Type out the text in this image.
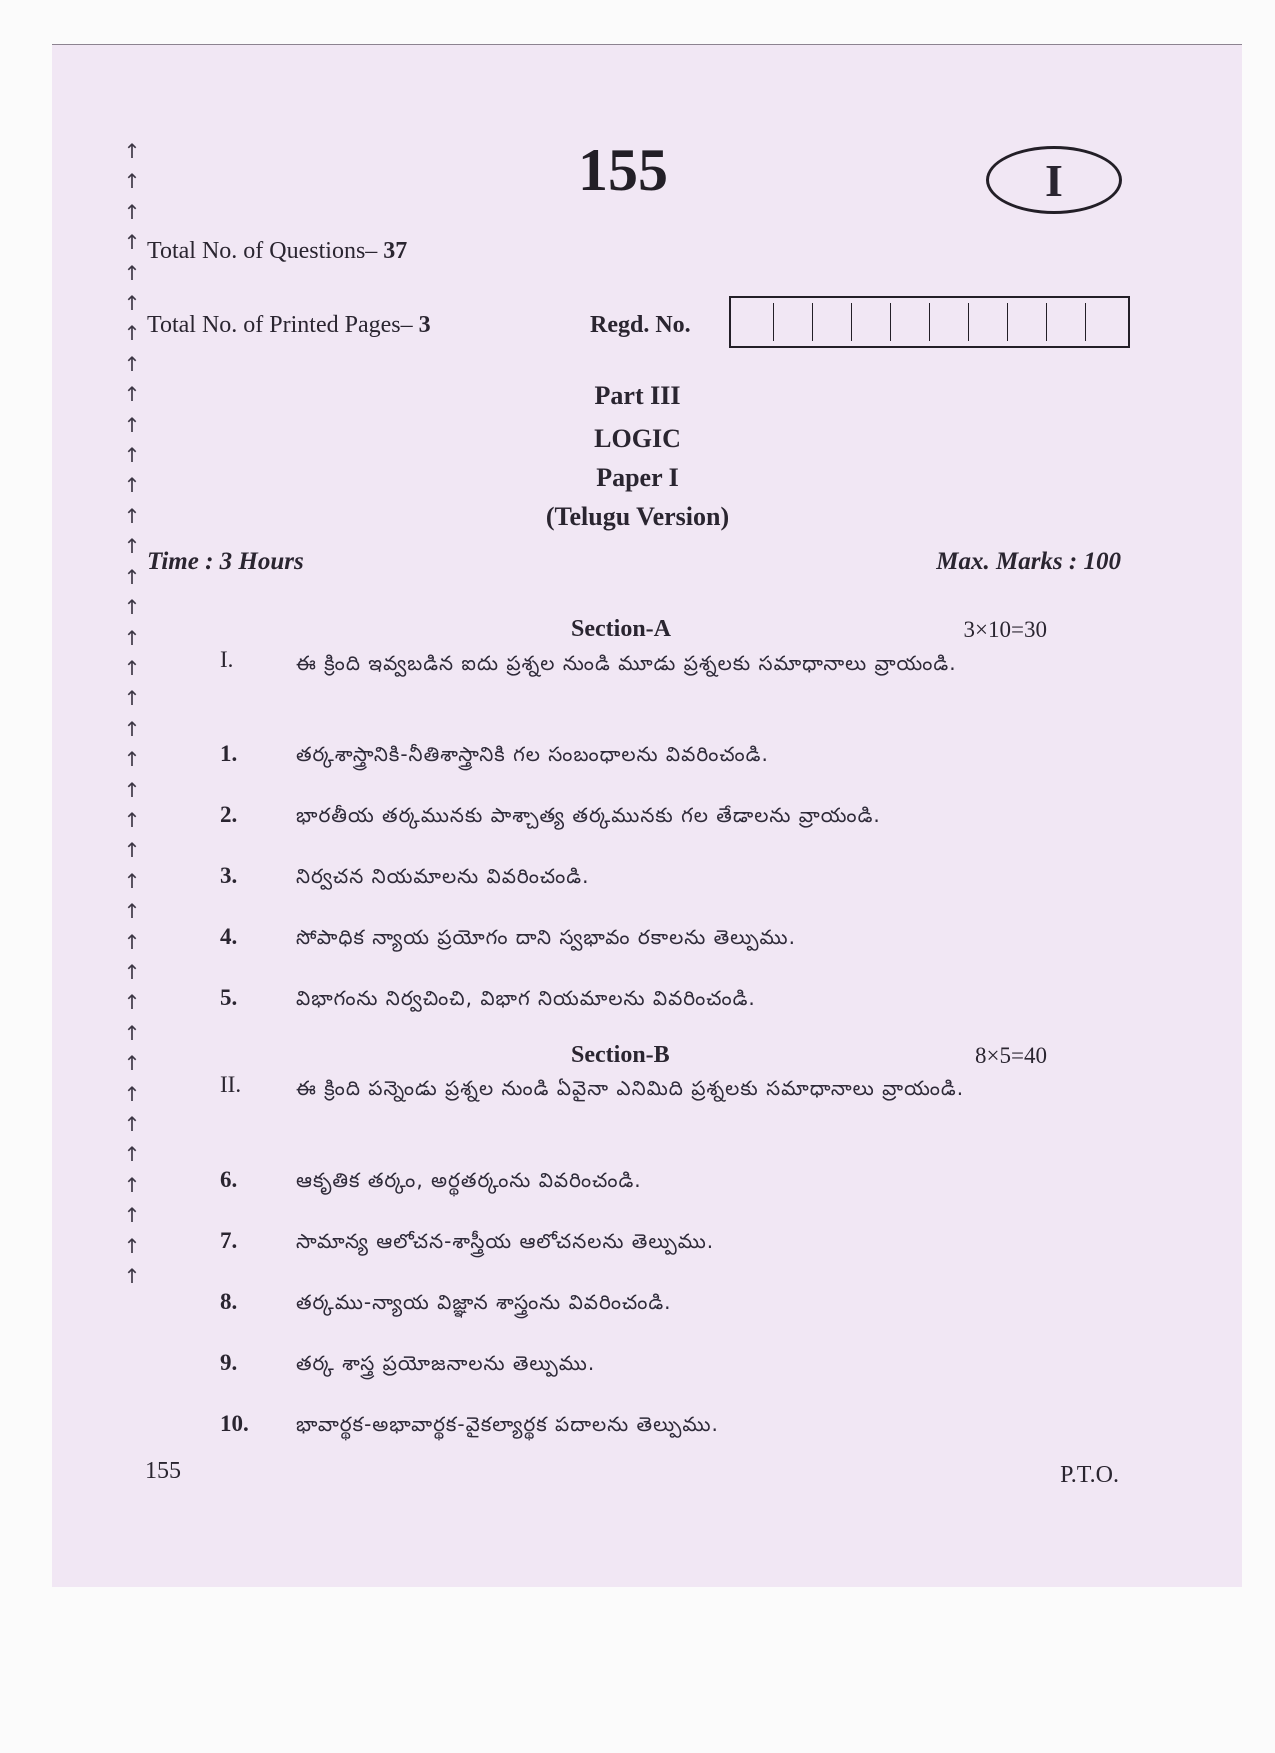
↑
↑
↑
↑
↑
↑
↑
↑
↑
↑
↑
↑
↑
↑
↑
↑
↑
↑
↑
↑
↑
↑
↑
↑
↑
↑
↑
↑
↑
↑
↑
↑
↑
↑
↑
↑
↑
↑

155	I
Total No. of Questions– 37
Total No. of Printed Pages– 3	Regd. No.
Part III
LOGIC
Paper I
(Telugu Version)
Time : 3 Hours	Max. Marks : 100
Section-A	3×10=30
I.	ఈ క్రింది ఇవ్వబడిన ఐదు ప్రశ్నల నుండి మూడు ప్రశ్నలకు సమాధానాలు వ్రాయండి.
1.	తర్కశాస్త్రానికి-నీతిశాస్త్రానికి గల సంబంధాలను వివరించండి.
2.	భారతీయ తర్కమునకు పాశ్చాత్య తర్కమునకు గల తేడాలను వ్రాయండి.
3.	నిర్వచన నియమాలను వివరించండి.
4.	సోపాధిక న్యాయ ప్రయోగం దాని స్వభావం రకాలను తెల్పుము.
5.	విభాగంను నిర్వచించి, విభాగ నియమాలను వివరించండి.
Section-B	8×5=40
II.	ఈ క్రింది పన్నెండు ప్రశ్నల నుండి ఏవైనా ఎనిమిది ప్రశ్నలకు సమాధానాలు వ్రాయండి.
6.	ఆకృతిక తర్కం, అర్థతర్కంను వివరించండి.
7.	సామాన్య ఆలోచన-శాస్త్రీయ ఆలోచనలను తెల్పుము.
8.	తర్కము-న్యాయ విజ్ఞాన శాస్త్రంను వివరించండి.
9.	తర్క శాస్త్ర ప్రయోజనాలను తెల్పుము.
10. భావార్థక-అభావార్థక-వైకల్యార్థక పదాలను తెల్పుము.
155	P.T.O.
